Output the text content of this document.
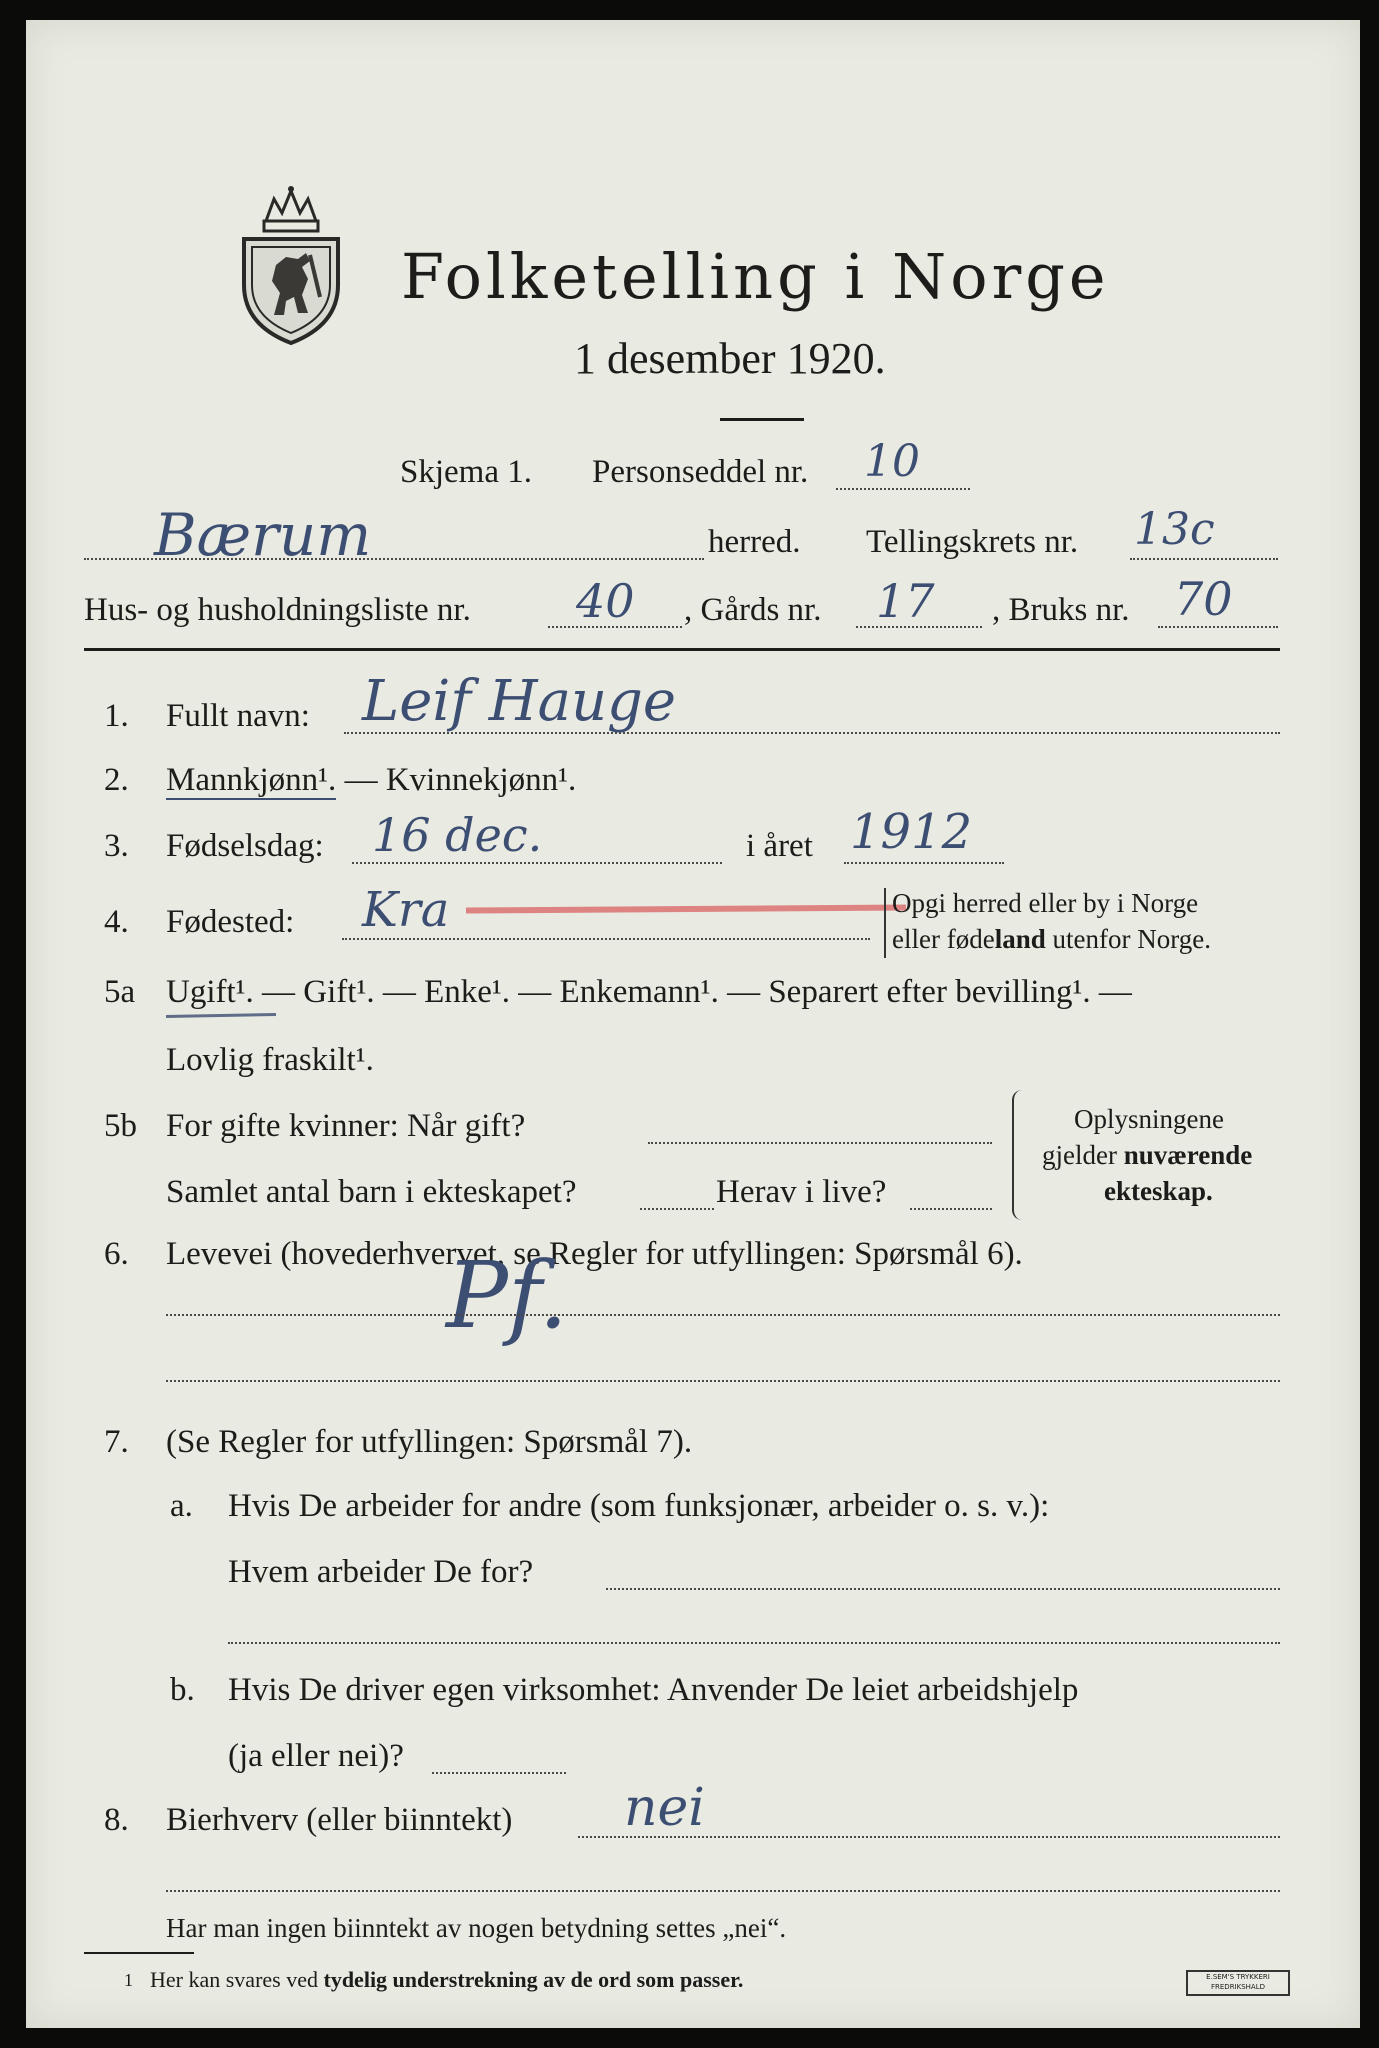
Folketelling i Norge
1 desember 1920.
Skjema 1. Personseddel nr. 10
Bærum	herred. Tellingskrets nr. 13c
Hus- og husholdningsliste nr. 40 , Gårds nr. 17 , Bruks nr. 70
1. Fullt navn: Leif Hauge
2. Mannkjønn¹. — Kvinnekjønn¹.
3. Fødselsdag: 16 dec.	i året 1912
4. Fødested: Kra	Opgi herred eller by i Norge
eller fødeland utenfor Norge.
5a Ugift¹. — Gift¹. — Enke¹. — Enkemann¹. — Separert efter bevilling¹. —
Lovlig fraskilt¹.
5b For gifte kvinner: Når gift?
Samlet antal barn i ekteskapet?	Herav i live?
Oplysningene
gjelder nuværende
ekteskap.
6. Levevei (hovederhvervet, se Regler for utfyllingen: Spørsmål 6).
Pf.
7. (Se Regler for utfyllingen: Spørsmål 7).
a. Hvis De arbeider for andre (som funksjonær, arbeider o. s. v.):
Hvem arbeider De for?
b. Hvis De driver egen virksomhet: Anvender De leiet arbeidshjelp
(ja eller nei)?
8. Bierhverv (eller biinntekt) nei
Har man ingen biinntekt av nogen betydning settes „nei“.
1 Her kan svares ved tydelig understrekning av de ord som passer.	E.SEM'S TRYKKERI
FREDRIKSHALD
